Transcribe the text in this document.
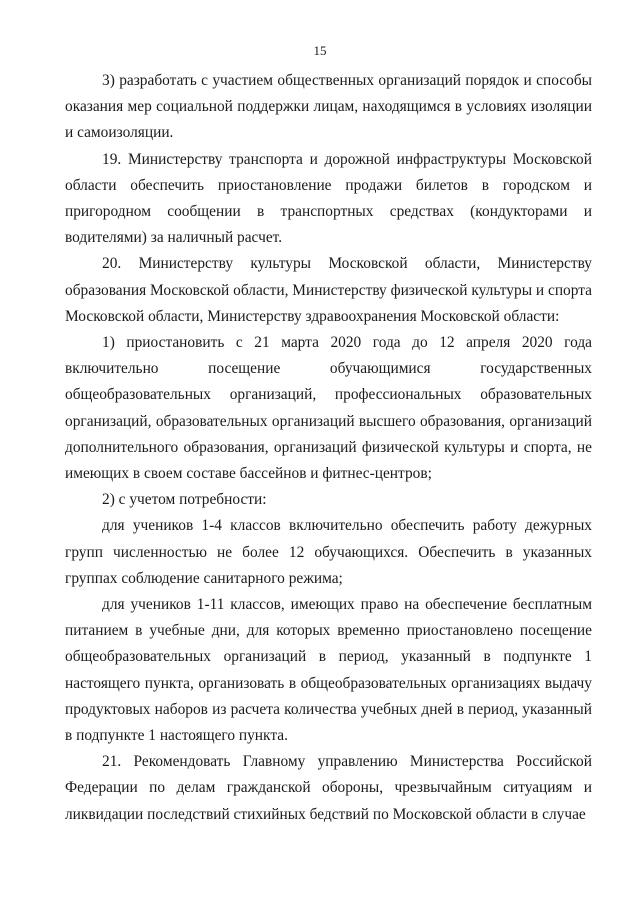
15

3) разработать с участием общественных организаций порядок и способы оказания мер социальной поддержки лицам, находящимся в условиях изоляции и самоизоляции.

19. Министерству транспорта и дорожной инфраструктуры Московской области обеспечить приостановление продажи билетов в городском и пригородном сообщении в транспортных средствах (кондукторами и водителями) за наличный расчет.

20. Министерству культуры Московской области, Министерству образования Московской области, Министерству физической культуры и спорта Московской области, Министерству здравоохранения Московской области:

1) приостановить с 21 марта 2020 года до 12 апреля 2020 года включительно посещение обучающимися государственных общеобразовательных организаций, профессиональных образовательных организаций, образовательных организаций высшего образования, организаций дополнительного образования, организаций физической культуры и спорта, не имеющих в своем составе бассейнов и фитнес-центров;

2) с учетом потребности:

для учеников 1-4 классов включительно обеспечить работу дежурных групп численностью не более 12 обучающихся. Обеспечить в указанных группах соблюдение санитарного режима;

для учеников 1-11 классов, имеющих право на обеспечение бесплатным питанием в учебные дни, для которых временно приостановлено посещение общеобразовательных организаций в период, указанный в подпункте 1 настоящего пункта, организовать в общеобразовательных организациях выдачу продуктовых наборов из расчета количества учебных дней в период, указанный в подпункте 1 настоящего пункта.

21. Рекомендовать Главному управлению Министерства Российской Федерации по делам гражданской обороны, чрезвычайным ситуациям и ликвидации последствий стихийных бедствий по Московской области в случае
